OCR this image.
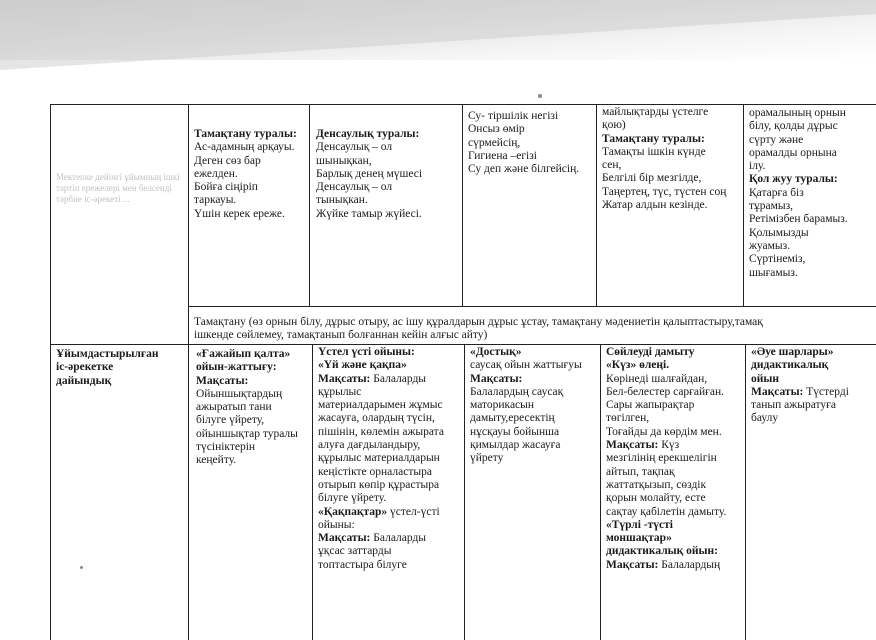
Мектепке дейінгі ұйымның ішкі тәртіп ережелері мен белсенді тәрбие іс-әрекеті ...

Тамақтану туралы:

Ас-адамның арқауы.

Деген сөз бар

ежелден.

Бойға сіңіріп

таркауы.

Үшін керек ереже.

Денсаулық туралы:

Денсаулық – ол

шынықкан,

Барлық денең мүшесі

Денсаулық – ол

тынықкан.

Жүйке тамыр жүйесі.

Су- тіршілік негізі

Онсыз өмір

сүрмейсің,

Гигиена –егізі

Су деп және білгейсің.

майлықтарды үстелге

қою)

Тамақтану туралы:

Тамақты ішкін күнде

сен,

Белгілі бір мезгілде,

Таңертең, түс, түстен соң

Жатар алдын кезінде.

орамалының орнын

білу, қолды дұрыс

сүрту және

орамалды орнына

ілу.

Қол жуу туралы:

Қатарға біз

тұрамыз,

Ретімізбен барамыз.

Қолымызды

жуамыз.

Сүртінеміз,

шығамыз.

Тамақтану (өз орнын білу, дұрыс отыру, ас ішу құралдарын дұрыс ұстау, тамақтану мәдениетін қалыптастыру,тамақ

ішкенде сөйлемеу, тамақтанып болғаннан кейін алғыс айту)

Ұйымдастырылған

іс-әрекетке

дайындық

«Ғажайып қалта»

ойын-жаттығу:

Мақсаты:

Ойыншықтардың

ажыратып тани

білуге үйрету,

ойыншықтар туралы

түсініктерін

кеңейту.

Үстел үсті ойыны:

«Үй және қақпа»

Мақсаты: Балаларды

құрылыс

материалдарымен жұмыс

жасауға, олардың түсін,

пішінін, көлемін ажырата

алуға дағдыландыру,

құрылыс материалдарын

кеңістікте орналастыра

отырып көпір құрастыра

білуге үйрету.

«Қақпақтар» үстел-үсті

ойыны:

Мақсаты: Балаларды

ұқсас заттарды

топтастыра білуге

«Достық»

саусақ ойын жаттығуы

Мақсаты:

Балалардың саусақ

маторикасын

дамыту,ересектің

нұсқауы бойынша

қимылдар жасауға

үйрету

Сөйлеуді дамыту

«Күз» өлеңі.

Көрінеді шалғайдан,

Бел-белестер сарғайған.

Сары жапырақтар

төгілген,

Тоғайды да көрдім мен.

Мақсаты: Күз

мезгілінің ерекшелігін

айтып, тақпақ

жаттатқызып, сөздік

қорын молайту, есте

сақтау қабілетін дамыту.

«Түрлі -түсті

моншақтар»

дидактикалық ойын:

Мақсаты: Балалардың

«Әуе шарлары»

дидактикалық

ойын

Мақсаты: Түстерді

танып ажыратуға

баулу
